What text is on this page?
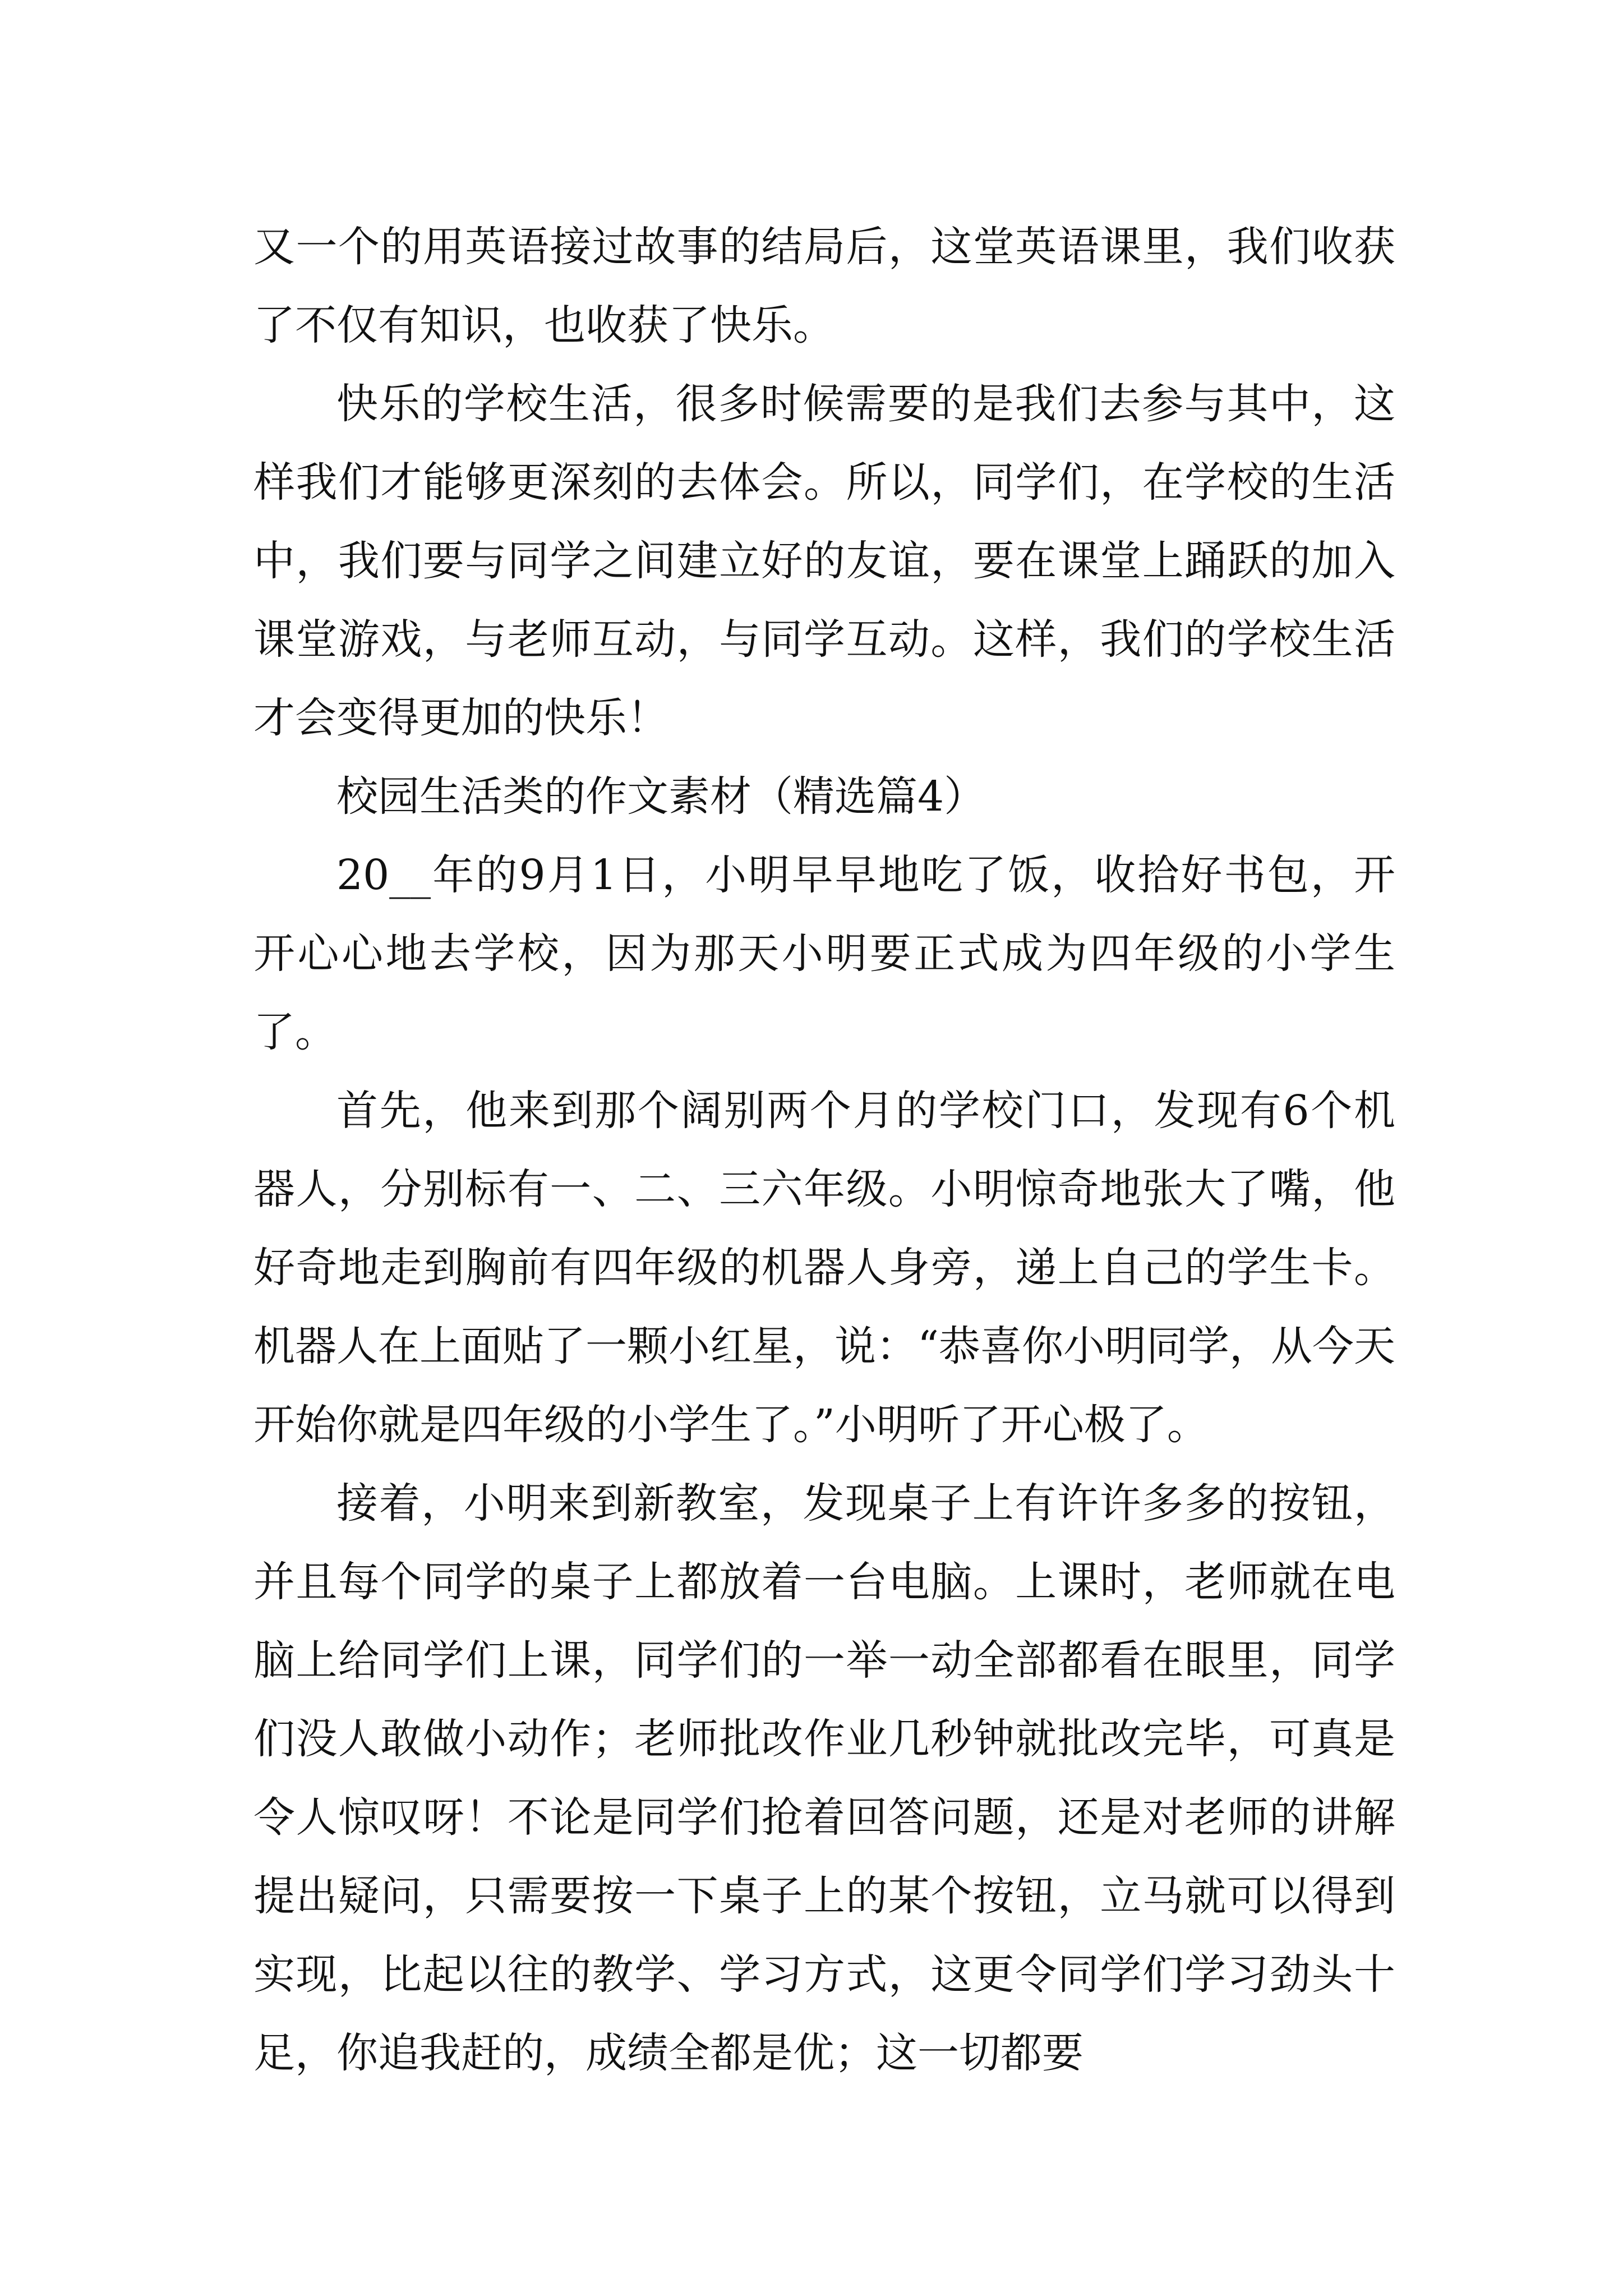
又一个的用英语接过故事的结局后，这堂英语课里，我们收获了不仅有知识，也收获了快乐。

快乐的学校生活，很多时候需要的是我们去参与其中，这样我们才能够更深刻的去体会。所以，同学们，在学校的生活中，我们要与同学之间建立好的友谊，要在课堂上踊跃的加入课堂游戏，与老师互动，与同学互动。这样，我们的学校生活才会变得更加的快乐！

校园生活类的作文素材（精选篇4）

20__年的9月1日，小明早早地吃了饭，收拾好书包，开开心心地去学校，因为那天小明要正式成为四年级的小学生了。

首先，他来到那个阔别两个月的学校门口，发现有6个机器人，分别标有一、二、三六年级。小明惊奇地张大了嘴，他好奇地走到胸前有四年级的机器人身旁，递上自己的学生卡。机器人在上面贴了一颗小红星，说：“恭喜你小明同学，从今天开始你就是四年级的小学生了。”小明听了开心极了。

接着，小明来到新教室，发现桌子上有许许多多的按钮，并且每个同学的桌子上都放着一台电脑。上课时，老师就在电脑上给同学们上课，同学们的一举一动全部都看在眼里，同学们没人敢做小动作；老师批改作业几秒钟就批改完毕，可真是令人惊叹呀！不论是同学们抢着回答问题，还是对老师的讲解提出疑问，只需要按一下桌子上的某个按钮，立马就可以得到实现，比起以往的教学、学习方式，这更令同学们学习劲头十足，你追我赶的，成绩全都是优；这一切都要
